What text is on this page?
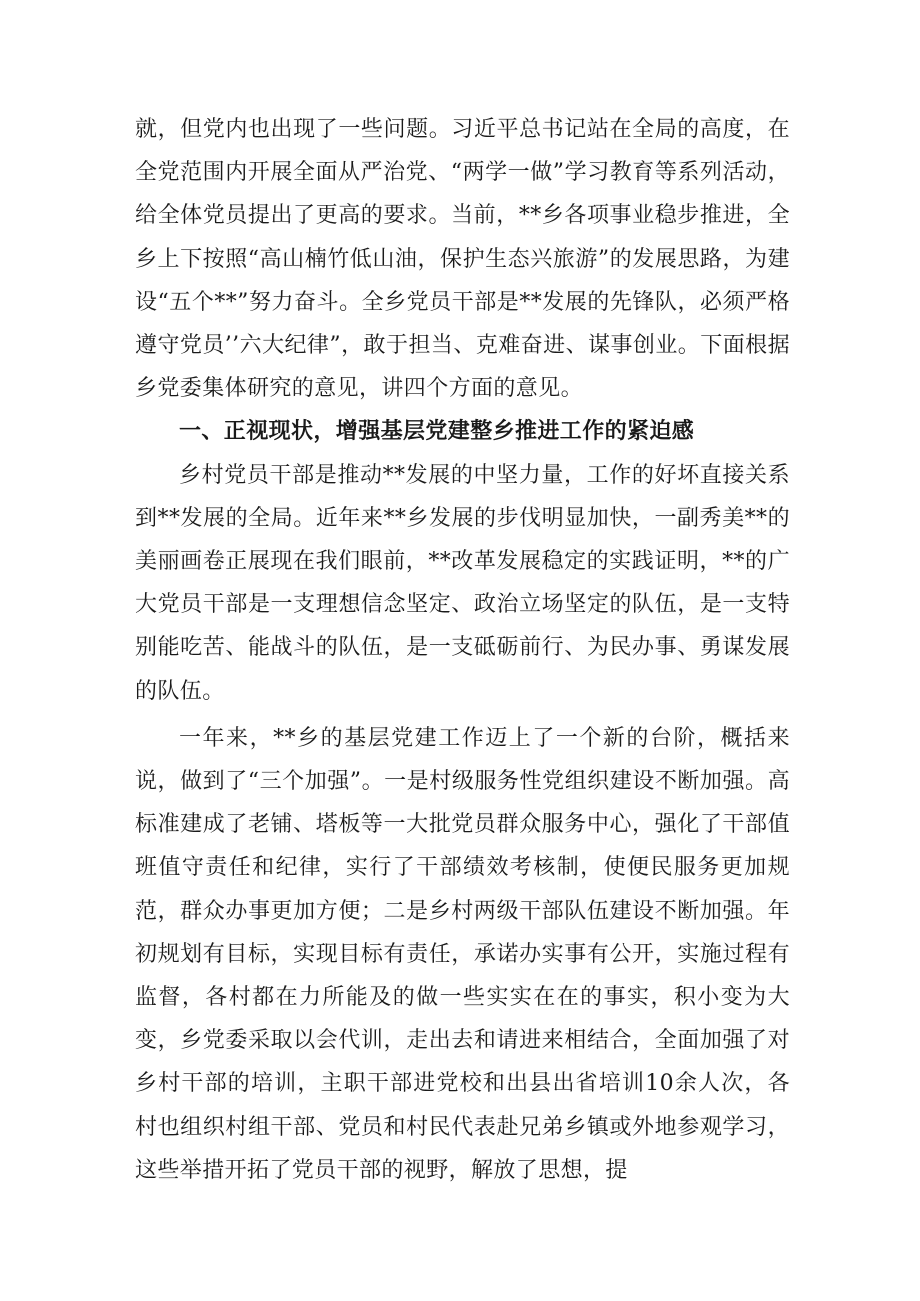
就，但党内也出现了一些问题。习近平总书记站在全局的高度，在全党范围内开展全面从严治党、“两学一做”学习教育等系列活动，给全体党员提出了更高的要求。当前，**乡各项事业稳步推进，全乡上下按照“高山楠竹低山油，保护生态兴旅游”的发展思路，为建设“五个**”努力奋斗。全乡党员干部是**发展的先锋队，必须严格遵守党员’’六大纪律”，敢于担当、克难奋进、谋事创业。下面根据乡党委集体研究的意见，讲四个方面的意见。

一、正视现状，增强基层党建整乡推进工作的紧迫感

乡村党员干部是推动**发展的中坚力量，工作的好坏直接关系到**发展的全局。近年来**乡发展的步伐明显加快，一副秀美**的美丽画卷正展现在我们眼前，**改革发展稳定的实践证明，**的广大党员干部是一支理想信念坚定、政治立场坚定的队伍，是一支特别能吃苦、能战斗的队伍，是一支砥砺前行、为民办事、勇谋发展的队伍。

一年来，**乡的基层党建工作迈上了一个新的台阶，概括来说，做到了“三个加强”。一是村级服务性党组织建设不断加强。高标准建成了老铺、塔板等一大批党员群众服务中心，强化了干部值班值守责任和纪律，实行了干部绩效考核制，使便民服务更加规范，群众办事更加方便；二是乡村两级干部队伍建设不断加强。年初规划有目标，实现目标有责任，承诺办实事有公开，实施过程有监督，各村都在力所能及的做一些实实在在的事实，积小变为大变，乡党委采取以会代训，走出去和请进来相结合，全面加强了对乡村干部的培训，主职干部进党校和出县出省培训10余人次，各村也组织村组干部、党员和村民代表赴兄弟乡镇或外地参观学习，这些举措开拓了党员干部的视野，解放了思想，提
